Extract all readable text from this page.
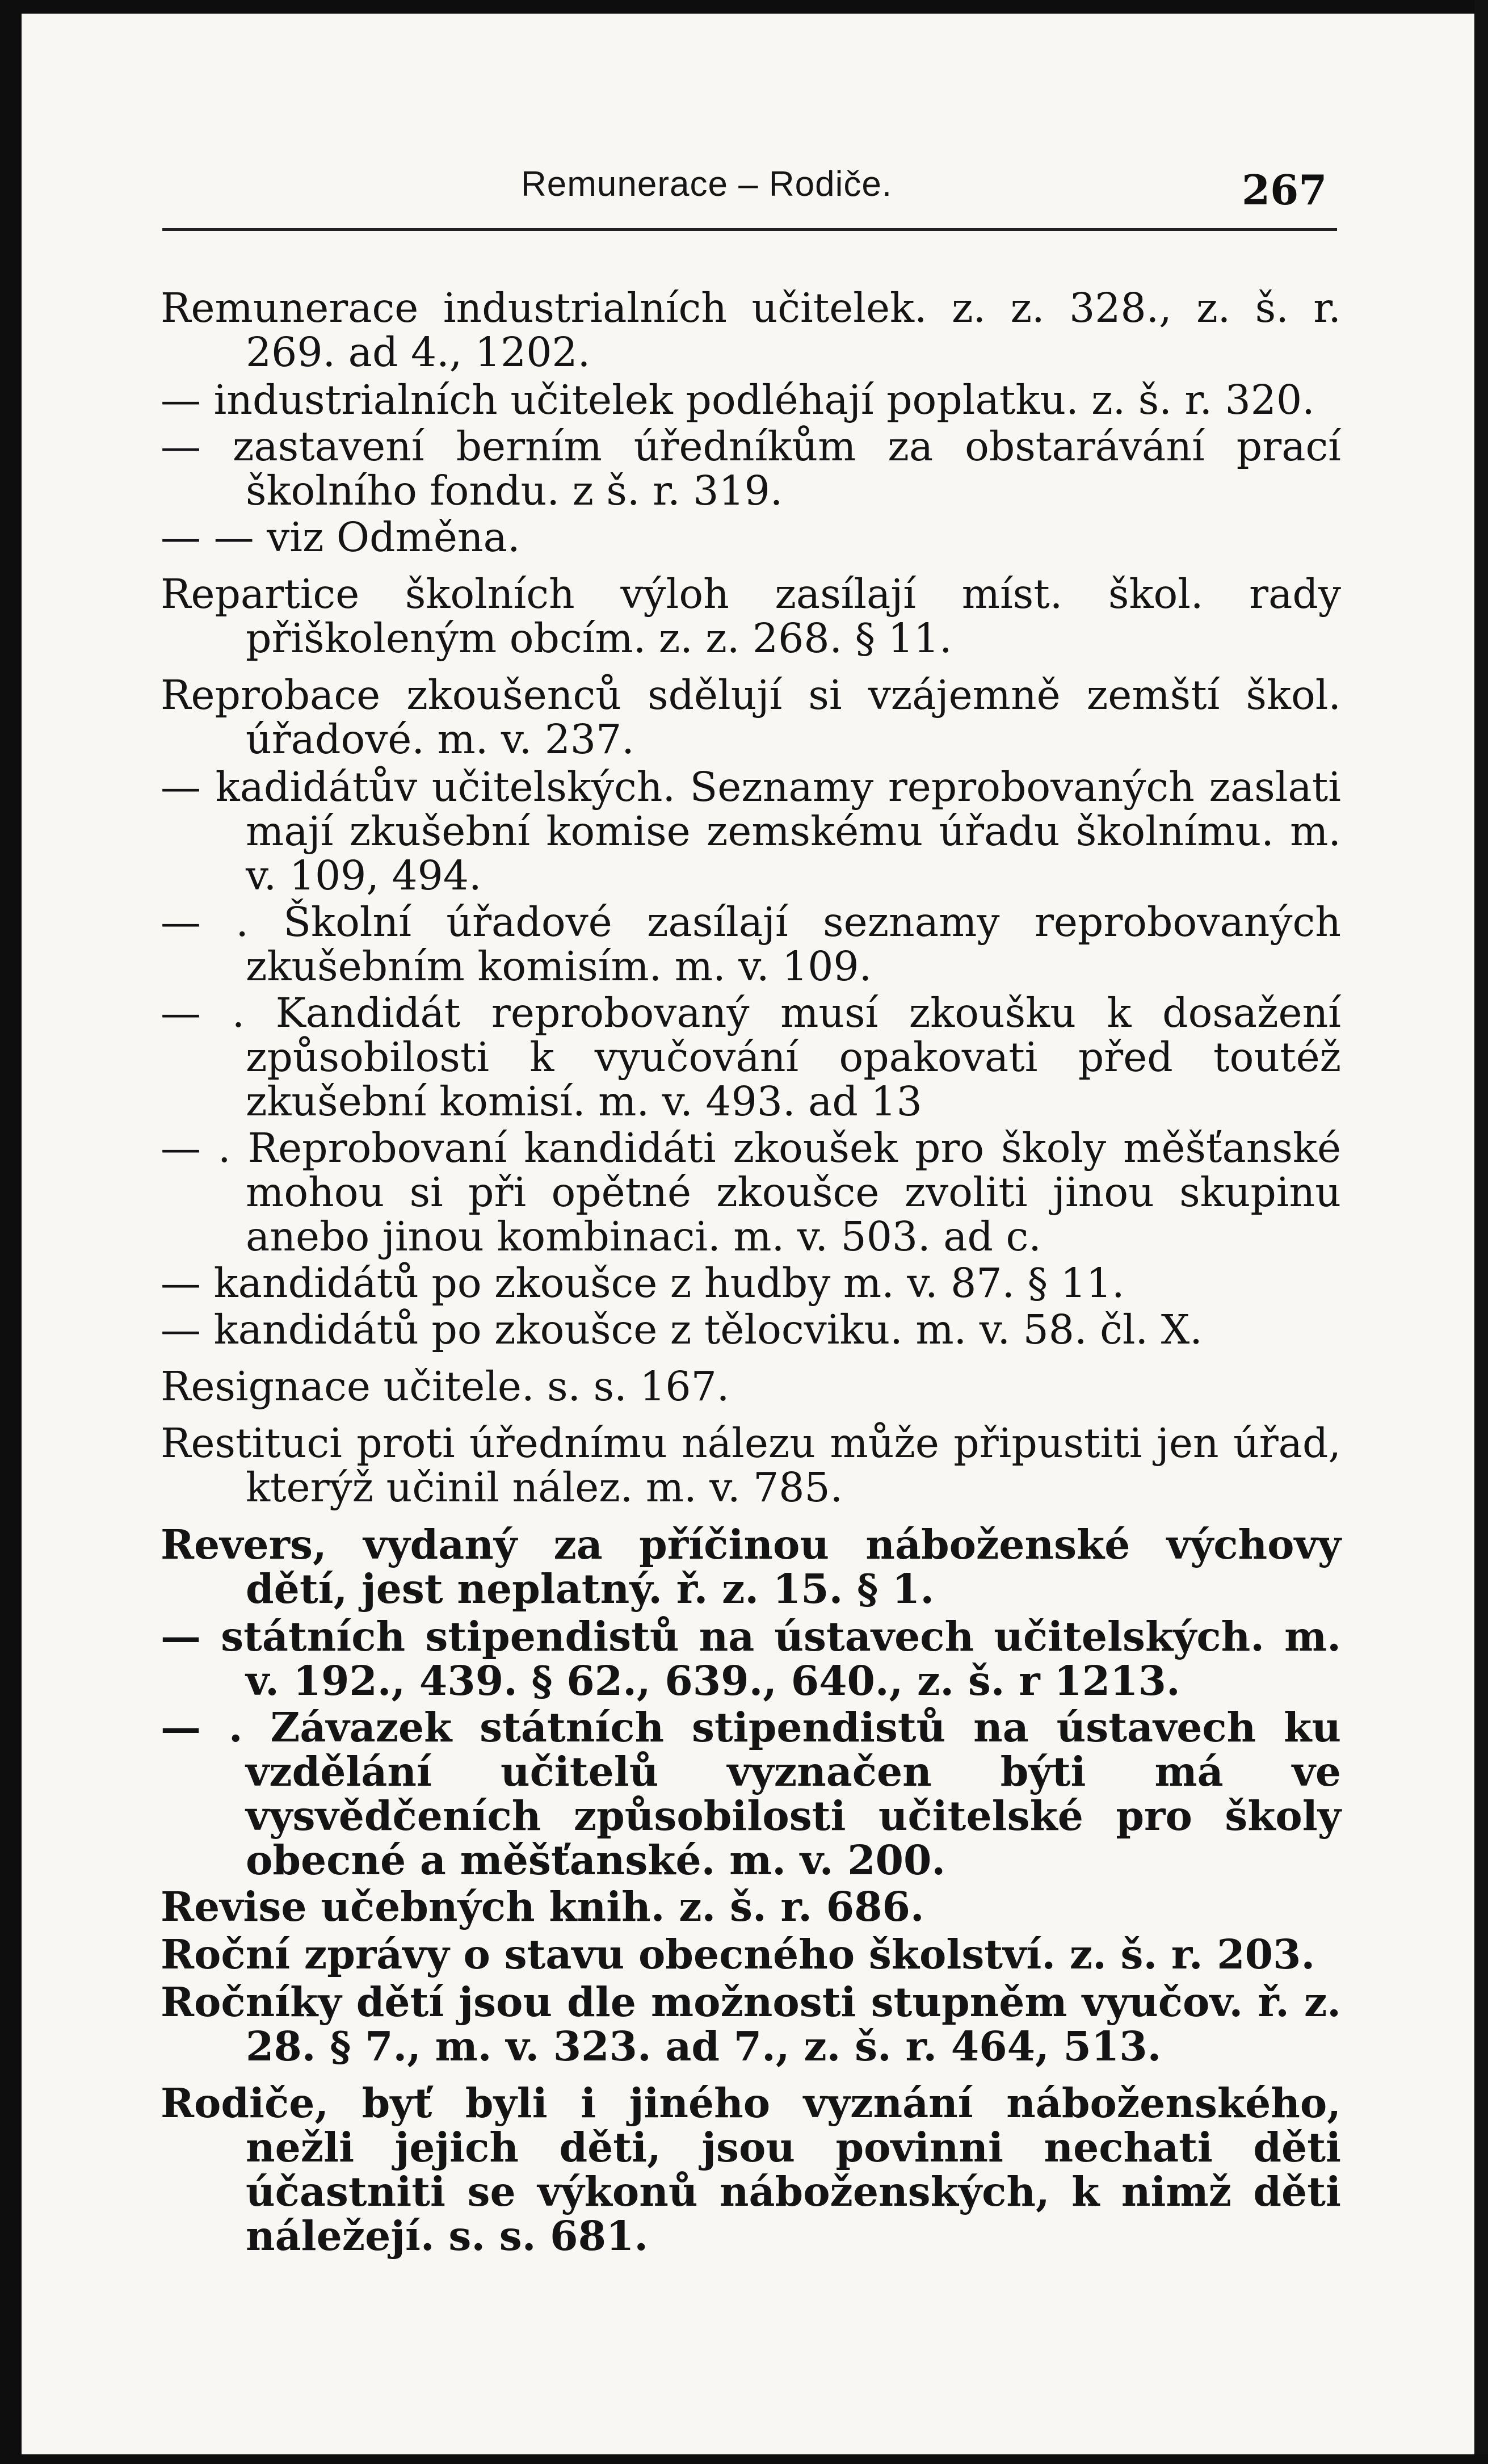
Remunerace – Rodiče.	267

Remunerace industrialních učitelek. z. z. 328., z. š. r. 269. ad 4., 1202.

— industrialních učitelek podléhají poplatku. z. š. r. 320.

— zastavení berním úředníkům za obstarávání prací školního fondu. z š. r. 319.

— — viz Odměna.

Repartice školních výloh zasílají míst. škol. rady přiškoleným obcím. z. z. 268. § 11.

Reprobace zkoušenců sdělují si vzájemně zemští škol. úřadové. m. v. 237.

— kadidátův učitelských. Seznamy reprobovaných zaslati mají zkušební komise zemskému úřadu školnímu. m. v. 109, 494.

— . Školní úřadové zasílají seznamy reprobovaných zkušebním komisím. m. v. 109.

— . Kandidát reprobovaný musí zkoušku k dosažení způsobilosti k vyučování opakovati před toutéž zkušební komisí. m. v. 493. ad 13

— . Reprobovaní kandidáti zkoušek pro školy měšťanské mohou si při opětné zkoušce zvoliti jinou skupinu anebo jinou kombinaci. m. v. 503. ad c.

— kandidátů po zkoušce z hudby m. v. 87. § 11.

— kandidátů po zkoušce z tělocviku. m. v. 58. čl. X.

Resignace učitele. s. s. 167.

Restituci proti úřednímu nálezu může připustiti jen úřad, kterýž učinil nález. m. v. 785.

Revers, vydaný za příčinou náboženské výchovy dětí, jest neplatný. ř. z. 15. § 1.

— státních stipendistů na ústavech učitelských. m. v. 192., 439. § 62., 639., 640., z. š. r 1213.

— . Závazek státních stipendistů na ústavech ku vzdělání učitelů vyznačen býti má ve vysvědčeních způsobilosti učitelské pro školy obecné a měšťanské. m. v. 200.

Revise učebných knih. z. š. r. 686.

Roční zprávy o stavu obecného školství. z. š. r. 203.

Ročníky dětí jsou dle možnosti stupněm vyučov. ř. z. 28. § 7., m. v. 323. ad 7., z. š. r. 464, 513.

Rodiče, byť byli i jiného vyznání náboženského, nežli jejich děti, jsou povinni nechati děti účastniti se výkonů náboženských, k nimž děti náležejí. s. s. 681.
